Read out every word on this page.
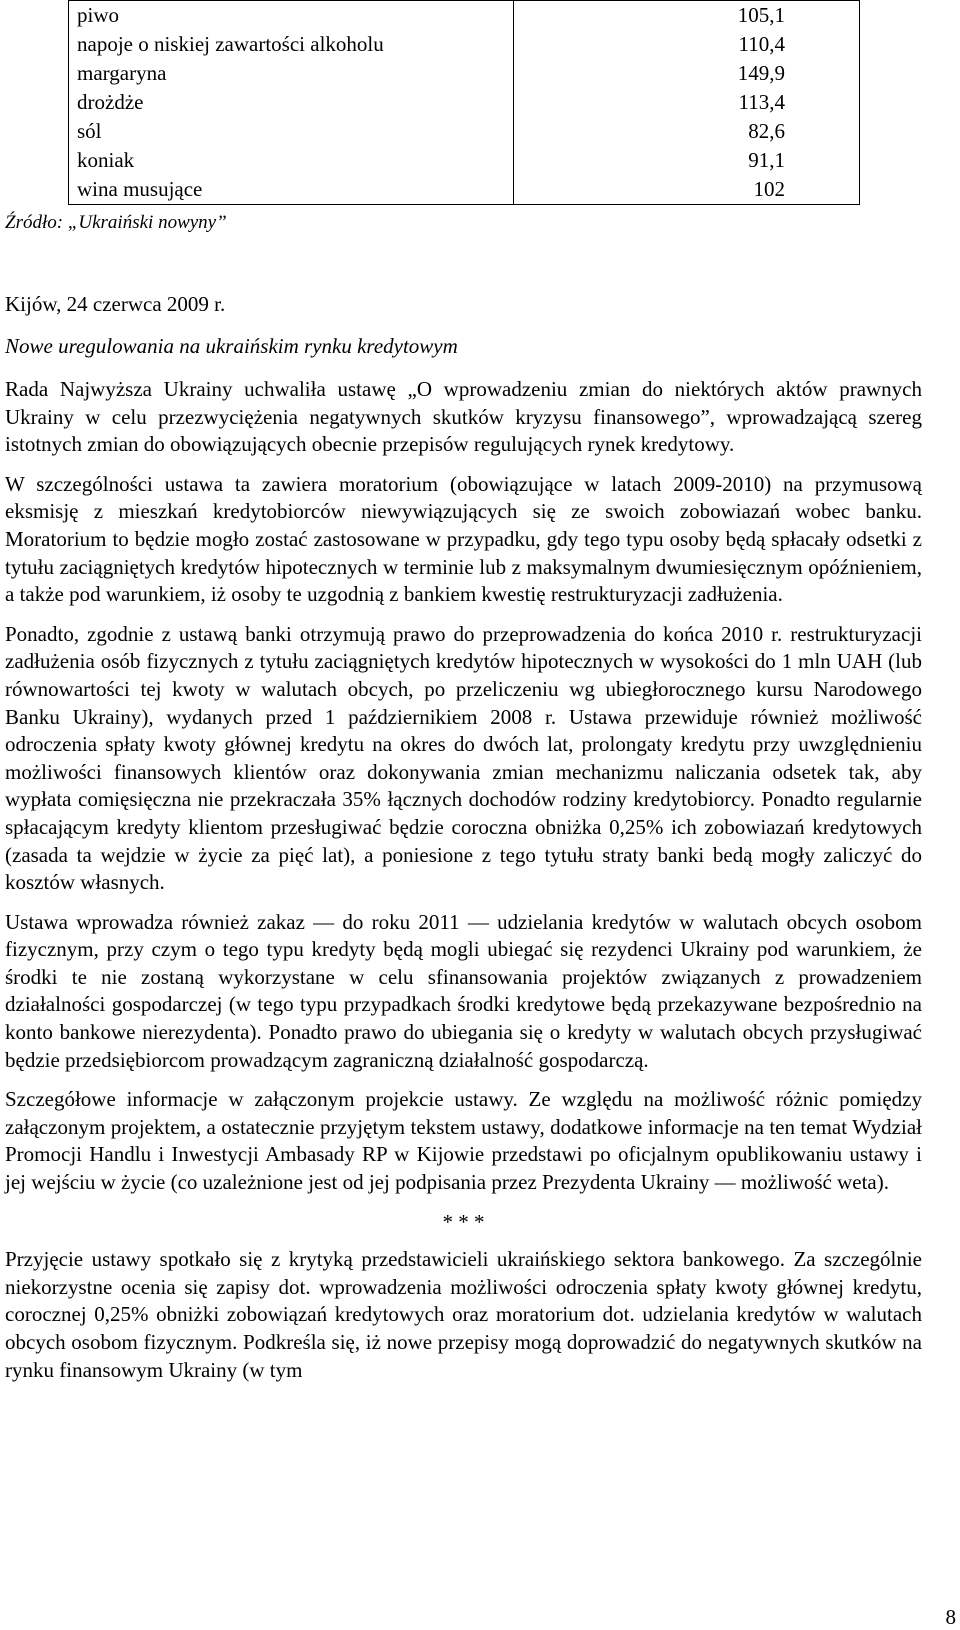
piwo	105,1
napoje o niskiej zawartości alkoholu	110,4
margaryna	149,9
drożdże	113,4
sól	82,6
koniak	91,1
wina musujące	102
Źródło: „Ukraiński nowyny”
Kijów, 24 czerwca 2009 r.
Nowe uregulowania na ukraińskim rynku kredytowym

Rada Najwyższa Ukrainy uchwaliła ustawę „O wprowadzeniu zmian do niektórych aktów prawnych Ukrainy w celu przezwyciężenia negatywnych skutków kryzysu finansowego”, wprowadzającą szereg istotnych zmian do obowiązujących obecnie przepisów regulujących rynek kredytowy.

W szczególności ustawa ta zawiera moratorium (obowiązujące w latach 2009-2010) na przymusową eksmisję z mieszkań kredytobiorców niewywiązujących się ze swoich zobowiazań wobec banku. Moratorium to będzie mogło zostać zastosowane w przypadku, gdy tego typu osoby będą spłacały odsetki z tytułu zaciągniętych kredytów hipotecznych w terminie lub z maksymalnym dwumiesięcznym opóźnieniem, a także pod warunkiem, iż osoby te uzgodnią z bankiem kwestię restrukturyzacji zadłużenia.

Ponadto, zgodnie z ustawą banki otrzymują prawo do przeprowadzenia do końca 2010 r. restrukturyzacji zadłużenia osób fizycznych z tytułu zaciągniętych kredytów hipotecznych w wysokości do 1 mln UAH (lub równowartości tej kwoty w walutach obcych, po przeliczeniu wg ubiegłorocznego kursu Narodowego Banku Ukrainy), wydanych przed 1 październikiem 2008 r. Ustawa przewiduje również możliwość odroczenia spłaty kwoty głównej kredytu na okres do dwóch lat, prolongaty kredytu przy uwzględnieniu możliwości finansowych klientów oraz dokonywania zmian mechanizmu naliczania odsetek tak, aby wypłata comięsięczna nie przekraczała 35% łącznych dochodów rodziny kredytobiorcy. Ponadto regularnie spłacającym kredyty klientom przesługiwać będzie coroczna obniżka 0,25% ich zobowiazań kredytowych (zasada ta wejdzie w życie za pięć lat), a poniesione z tego tytułu straty banki bedą mogły zaliczyć do kosztów własnych.

Ustawa wprowadza również zakaz — do roku 2011 — udzielania kredytów w walutach obcych osobom fizycznym, przy czym o tego typu kredyty będą mogli ubiegać się rezydenci Ukrainy pod warunkiem, że środki te nie zostaną wykorzystane w celu sfinansowania projektów związanych z prowadzeniem działalności gospodarczej (w tego typu przypadkach środki kredytowe będą przekazywane bezpośrednio na konto bankowe nierezydenta). Ponadto prawo do ubiegania się o kredyty w walutach obcych przysługiwać będzie przedsiębiorcom prowadzącym zagraniczną działalność gospodarczą.

Szczegółowe informacje w załączonym projekcie ustawy. Ze względu na możliwość różnic pomiędzy załączonym projektem, a ostatecznie przyjętym tekstem ustawy, dodatkowe informacje na ten temat Wydział Promocji Handlu i Inwestycji Ambasady RP w Kijowie przedstawi po oficjalnym opublikowaniu ustawy i jej wejściu w życie (co uzależnione jest od jej podpisania przez Prezydenta Ukrainy — możliwość weta).

* * *

Przyjęcie ustawy spotkało się z krytyką przedstawicieli ukraińskiego sektora bankowego. Za szczególnie niekorzystne ocenia się zapisy dot. wprowadzenia możliwości odroczenia spłaty kwoty głównej kredytu, corocznej 0,25% obniżki zobowiązań kredytowych oraz moratorium dot. udzielania kredytów w walutach obcych osobom fizycznym. Podkreśla się, iż nowe przepisy mogą doprowadzić do negatywnych skutków na rynku finansowym Ukrainy (w tym

8
